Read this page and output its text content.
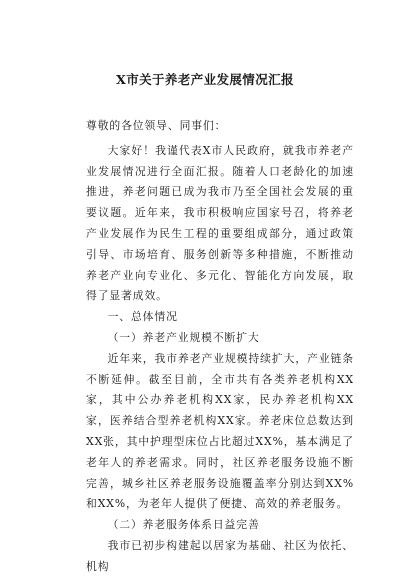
X市关于养老产业发展情况汇报

尊敬的各位领导、同事们：

大家好！我谨代表X市人民政府，就我市养老产业发展情况进行全面汇报。随着人口老龄化的加速推进，养老问题已成为我市乃至全国社会发展的重要议题。近年来，我市积极响应国家号召，将养老产业发展作为民生工程的重要组成部分，通过政策引导、市场培育、服务创新等多种措施，不断推动养老产业向专业化、多元化、智能化方向发展，取得了显著成效。

一、总体情况

（一）养老产业规模不断扩大

近年来，我市养老产业规模持续扩大，产业链条不断延伸。截至目前，全市共有各类养老机构XX家，其中公办养老机构XX家，民办养老机构XX家，医养结合型养老机构XX家。养老床位总数达到XX张，其中护理型床位占比超过XX%，基本满足了老年人的养老需求。同时，社区养老服务设施不断完善，城乡社区养老服务设施覆盖率分别达到XX%和XX%，为老年人提供了便捷、高效的养老服务。

（二）养老服务体系日益完善

我市已初步构建起以居家为基础、社区为依托、机构
